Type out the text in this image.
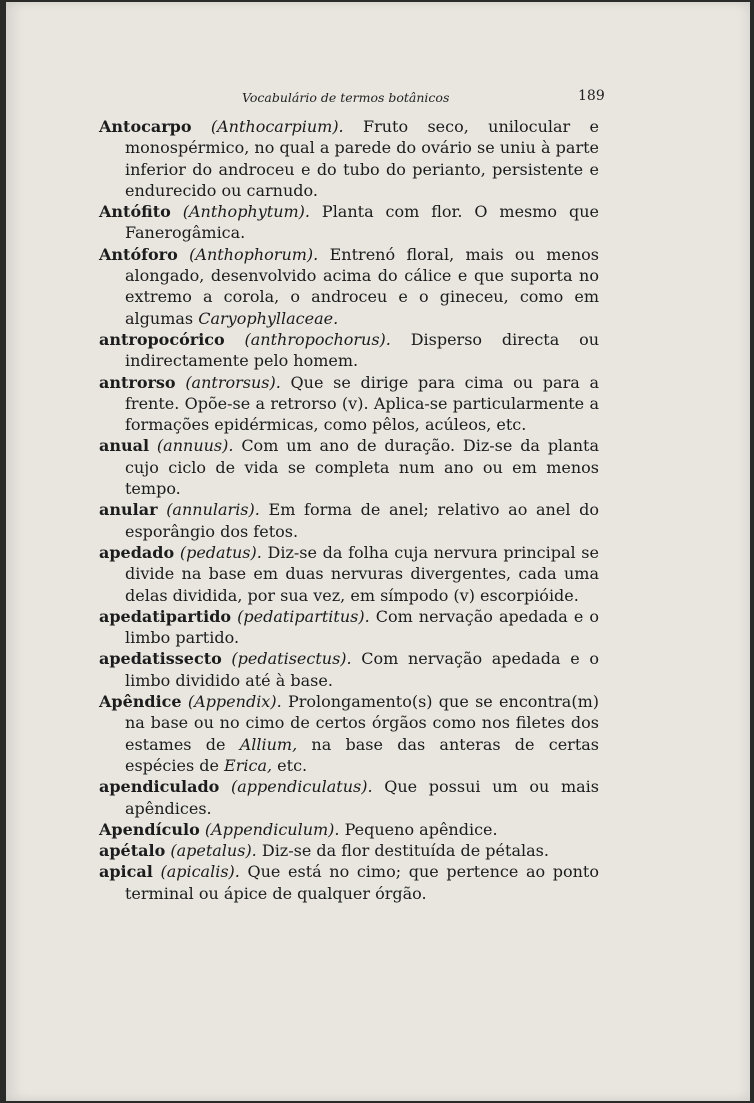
Vocabulário de termos botânicos	189

Antocarpo (Anthocarpium). Fruto seco, unilocular e monospérmico, no qual a parede do ovário se uniu à parte inferior do androceu e do tubo do perianto, persistente e endurecido ou carnudo.

Antófito (Anthophytum). Planta com flor. O mesmo que Fanerogâmica.

Antóforo (Anthophorum). Entrenó floral, mais ou menos alongado, desenvolvido acima do cálice e que suporta no extremo a corola, o androceu e o gineceu, como em algumas Caryophyllaceae.

antropocórico (anthropochorus). Disperso directa ou indirectamente pelo homem.

antrorso (antrorsus). Que se dirige para cima ou para a frente. Opõe-se a retrorso (v). Aplica-se particularmente a formações epidérmicas, como pêlos, acúleos, etc.

anual (annuus). Com um ano de duração. Diz-se da planta cujo ciclo de vida se completa num ano ou em menos tempo.

anular (annularis). Em forma de anel; relativo ao anel do esporângio dos fetos.

apedado (pedatus). Diz-se da folha cuja nervura principal se divide na base em duas nervuras divergentes, cada uma delas dividida, por sua vez, em símpodo (v) escorpióide.

apedatipartido (pedatipartitus). Com nervação apedada e o limbo partido.

apedatissecto (pedatisectus). Com nervação apedada e o limbo dividido até à base.

Apêndice (Appendix). Prolongamento(s) que se encontra(m) na base ou no cimo de certos órgãos como nos filetes dos estames de Allium, na base das anteras de certas espécies de Erica, etc.

apendiculado (appendiculatus). Que possui um ou mais apêndices.

Apendículo (Appendiculum). Pequeno apêndice.

apétalo (apetalus). Diz-se da flor destituída de pétalas.

apical (apicalis). Que está no cimo; que pertence ao ponto terminal ou ápice de qualquer órgão.
